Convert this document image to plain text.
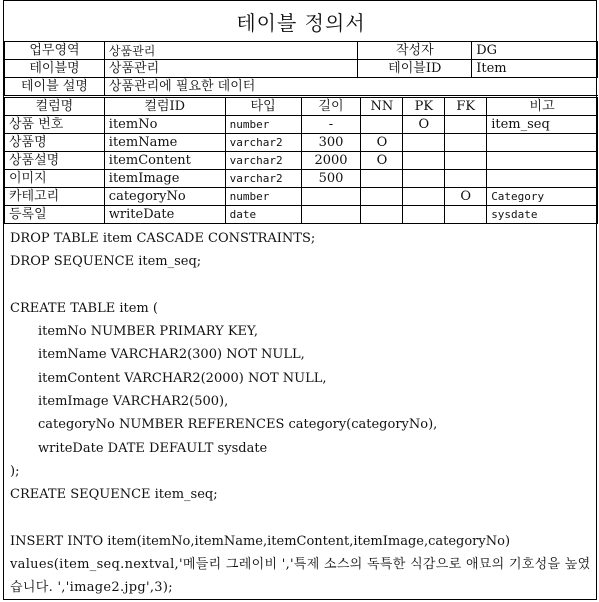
테이블 정의서
업무영역	상품관리	작성자	DG
테이블명	상품관리	테이블ID	Item
테이블 설명	상품관리에 필요한 데이터		
컬럼명	컬럼ID	타입	길이	NN	PK	FK	비고
상품 번호	itemNo	number	-		O		item_seq
상품명	itemName	varchar2	300	O			
상품설명	itemContent	varchar2	2000	O			
이미지	itemImage	varchar2	500				
카테고리	categoryNo	number				O	Category
등록일	writeDate	date					sysdate
DROP TABLE item CASCADE CONSTRAINTS;
DROP SEQUENCE item_seq;

CREATE TABLE item (
itemNo NUMBER PRIMARY KEY,
itemName VARCHAR2(300) NOT NULL,
itemContent VARCHAR2(2000) NOT NULL,
itemImage VARCHAR2(500),
categoryNo NUMBER REFERENCES category(categoryNo),
writeDate DATE DEFAULT sysdate
);
CREATE SEQUENCE item_seq;

INSERT INTO item(itemNo,itemName,itemContent,itemImage,categoryNo)
values(item_seq.nextval,'메들리 그레이비 ','특제 소스의 독특한 식감으로 애묘의 기호성을 높였습니다. ','image2.jpg',3);
